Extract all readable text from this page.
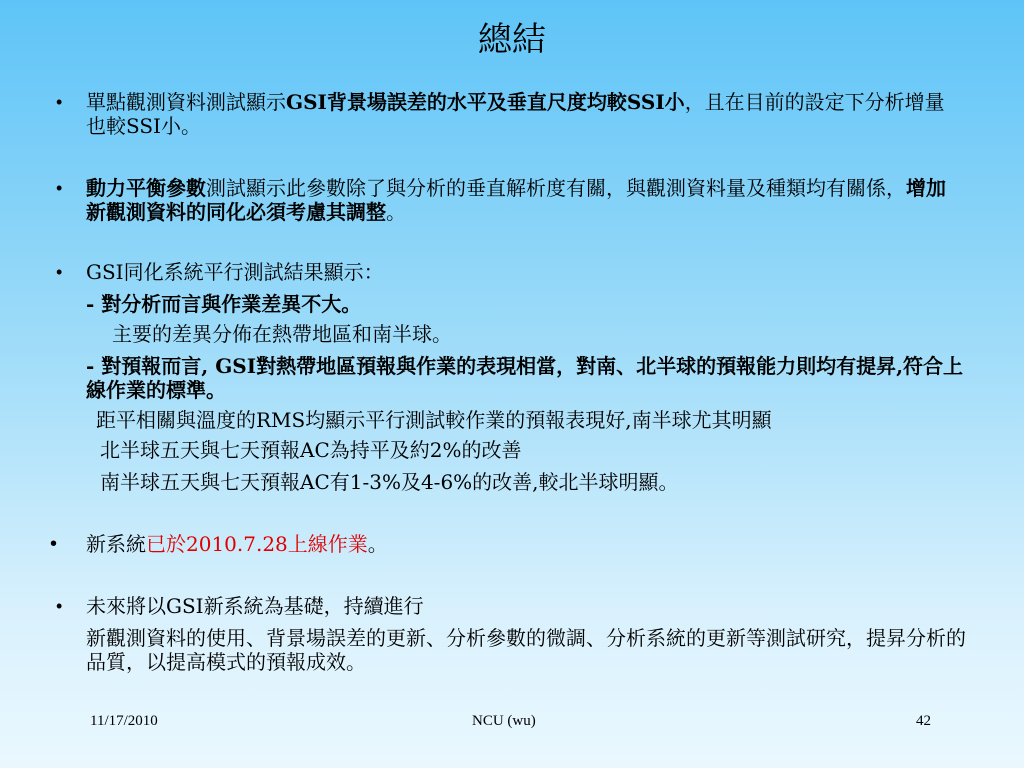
總結
• 單點觀測資料測試顯示GSI背景場誤差的水平及垂直尺度均較SSI小，且在目前的設定下分析增量也較SSI小。
• 動力平衡參數測試顯示此參數除了與分析的垂直解析度有關，與觀測資料量及種類均有關係，增加新觀測資料的同化必須考慮其調整。
• GSI同化系統平行測試結果顯示：
- 對分析而言與作業差異不大。
主要的差異分佈在熱帶地區和南半球。
- 對預報而言, GSI對熱帶地區預報與作業的表現相當，對南、北半球的預報能力則均有提昇,符合上線作業的標準。
距平相關與溫度的RMS均顯示平行測試較作業的預報表現好,南半球尤其明顯
北半球五天與七天預報AC為持平及約2%的改善
南半球五天與七天預報AC有1-3%及4-6%的改善,較北半球明顯。
• 新系統已於2010.7.28上線作業。
• 未來將以GSI新系統為基礎，持續進行
新觀測資料的使用、背景場誤差的更新、分析參數的微調、分析系統的更新等測試研究，提昇分析的品質，以提高模式的預報成效。
11/17/2010	NCU (wu)	42
